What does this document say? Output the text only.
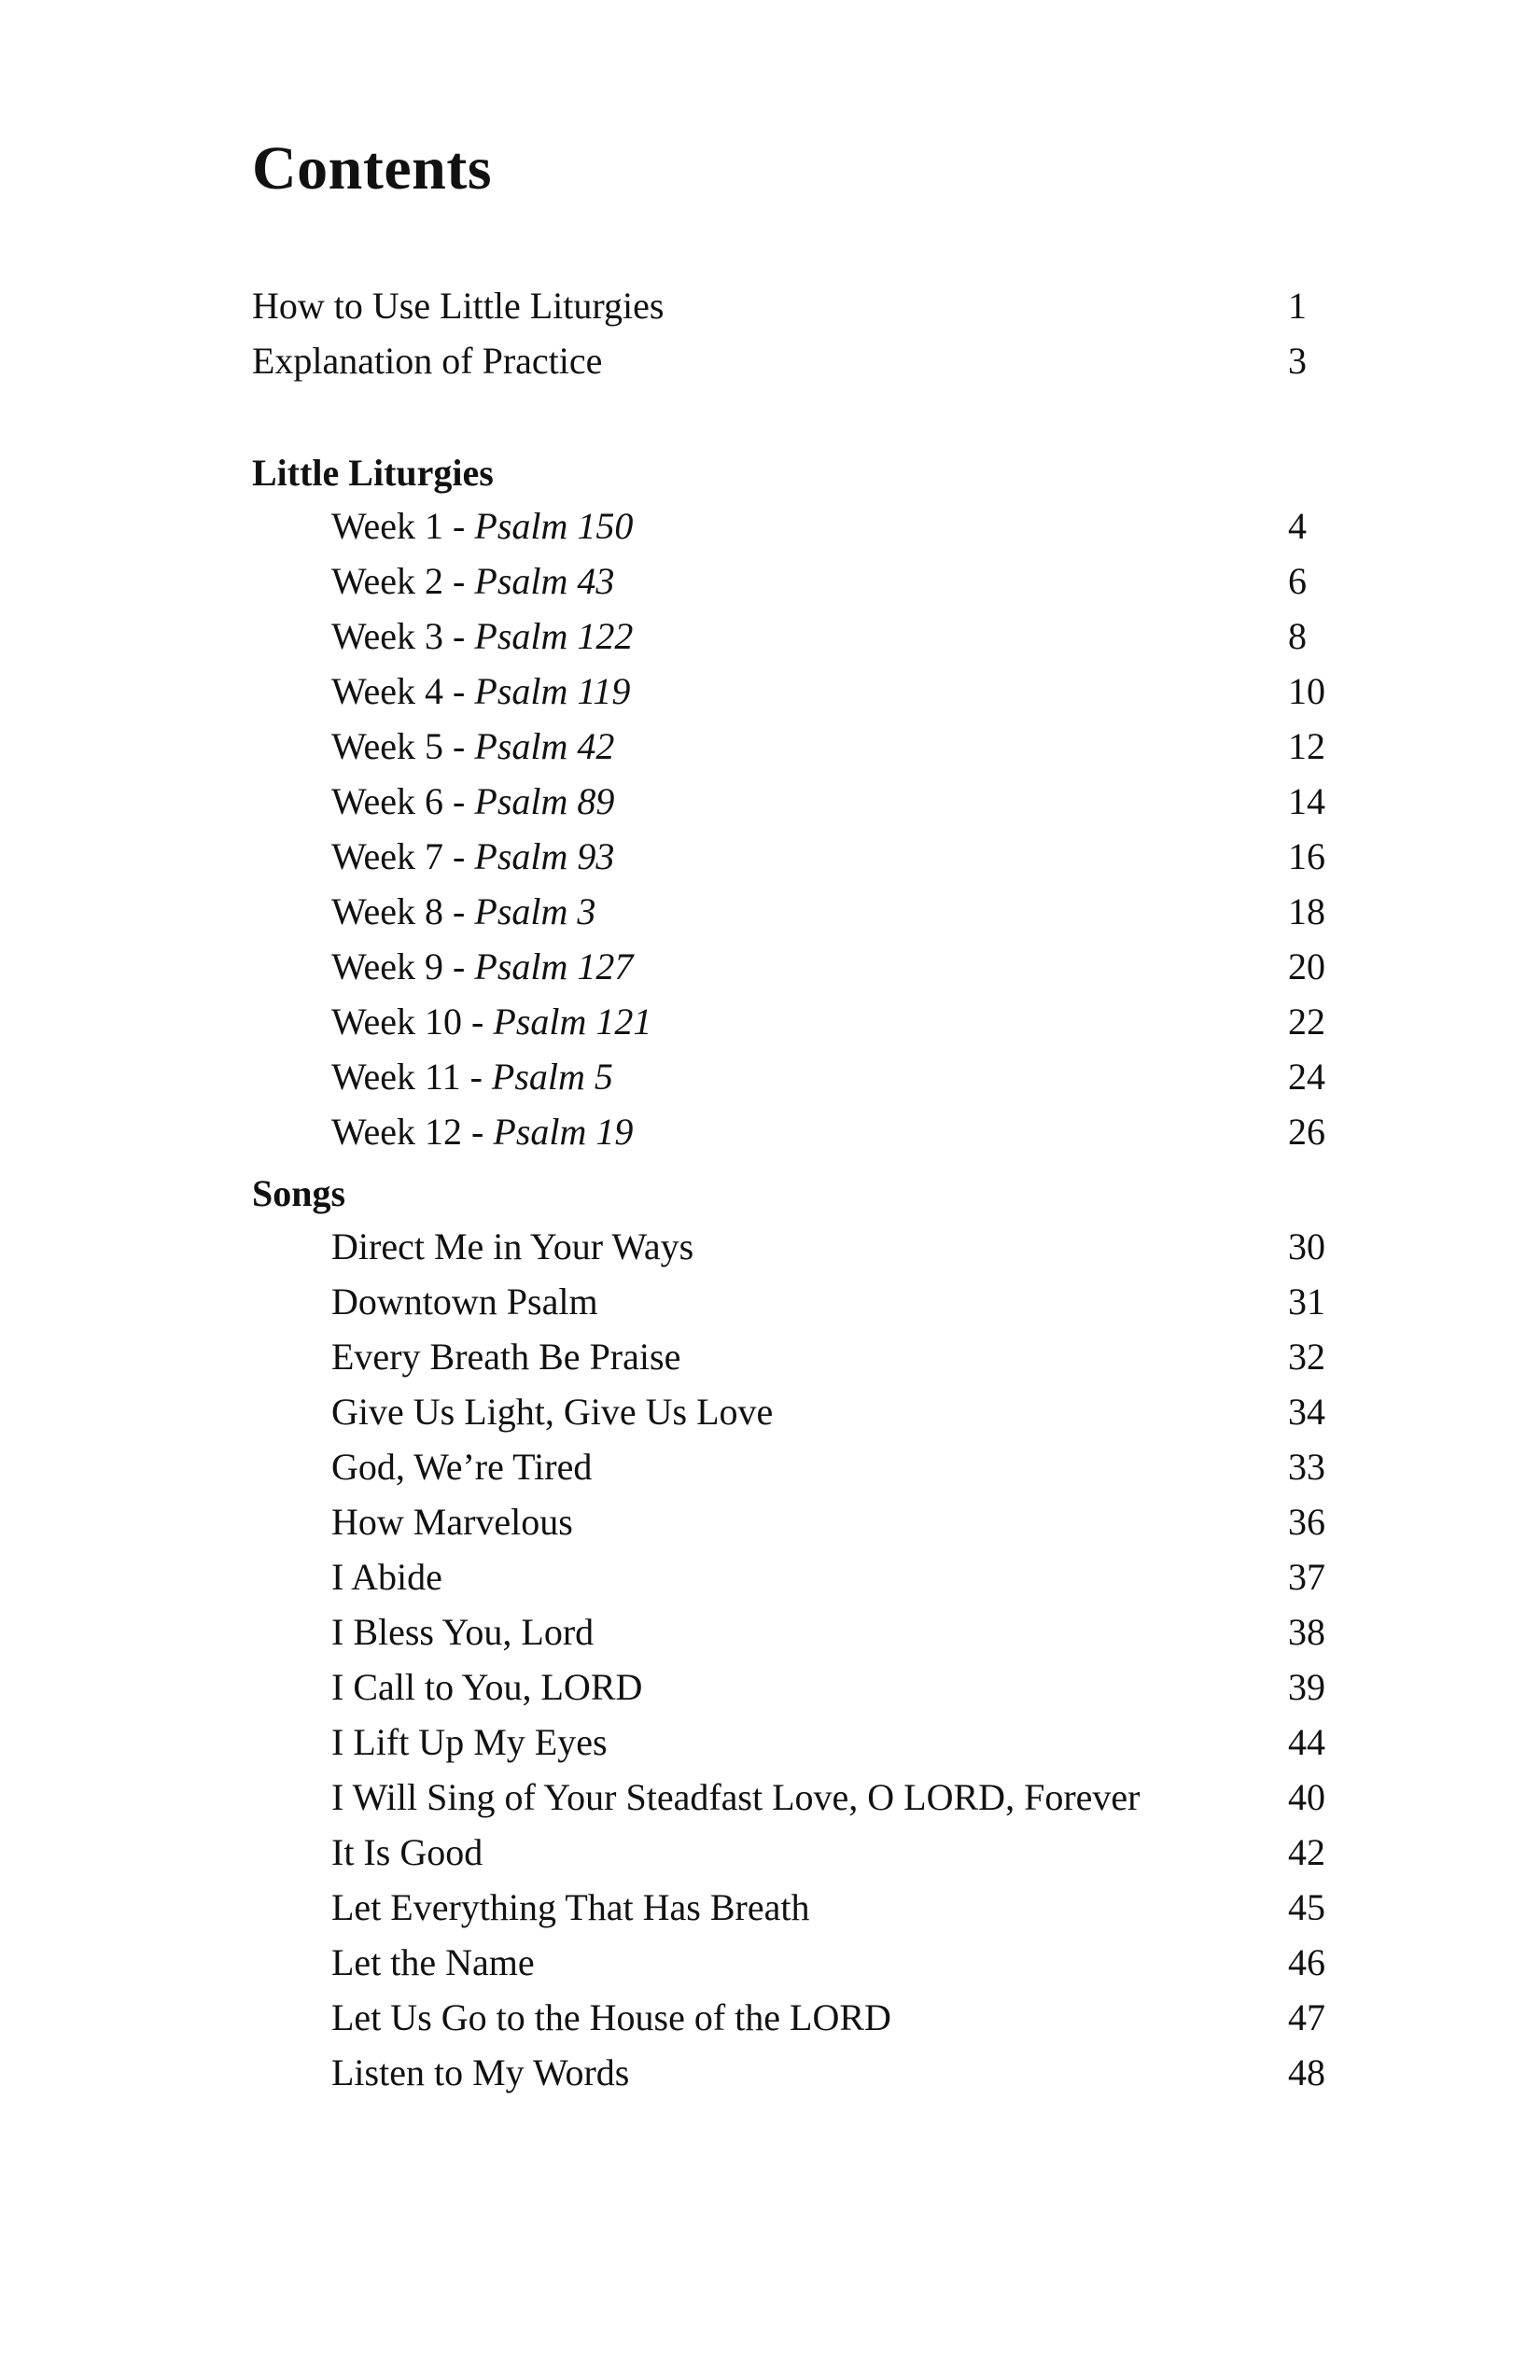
Contents
How to Use Little Liturgies	1
Explanation of Practice	3
Little Liturgies
Week 1 - Psalm 150	4
Week 2 - Psalm 43	6
Week 3 - Psalm 122	8
Week 4 - Psalm 119	10
Week 5 - Psalm 42	12
Week 6 - Psalm 89	14
Week 7 - Psalm 93	16
Week 8 - Psalm 3	18
Week 9 - Psalm 127	20
Week 10 - Psalm 121	22
Week 11 - Psalm 5	24
Week 12 - Psalm 19	26
Songs
Direct Me in Your Ways	30
Downtown Psalm	31
Every Breath Be Praise	32
Give Us Light, Give Us Love	34
God, We’re Tired	33
How Marvelous	36
I Abide	37
I Bless You, Lord	38
I Call to You, LORD	39
I Lift Up My Eyes	44
I Will Sing of Your Steadfast Love, O LORD, Forever	40
It Is Good	42
Let Everything That Has Breath	45
Let the Name	46
Let Us Go to the House of the LORD	47
Listen to My Words	48
